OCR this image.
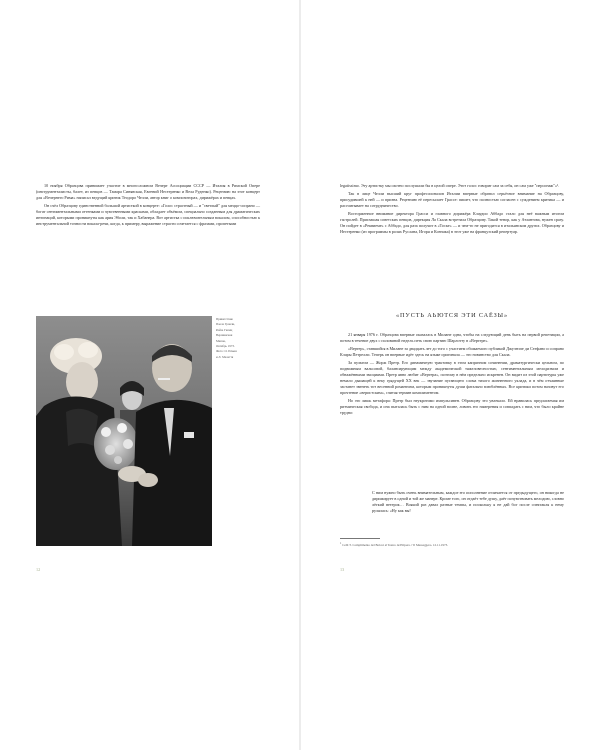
10 ноября Образцова принимает участие в многосложном Вечере Ассоциации СССР — Италия в Римской Опере (инструменталисты, балет, из певцов — Тамара Синявская, Евгений Нестеренко и Вела Руденко). Рецензию на этот концерт для «Вечернего Рима» написал ведущий критик Теодоро Челли, автор книг о композиторах, дирижёрах и певцах.

Он счёл Образцову единственной большой артисткой в концерте: «Голос страстный — и "светлый" для меццо-сопрано — богат сентиментальными оттенками и чувственными красками, обладает объёмом, специально созданным для драматических интонаций, которыми проникнуты как ария Эболи, так и Хабанера. Вот артистка с исключительным вокалом, способностью к инструментальной точности вокала-речи, когда, к примеру, выражение страсти сочетается с фразами, пропетыми

Приветствие
Паола Гранчи,
Рейза Гилиц
Вершинская
Милан,
Октябрь 1973.
Фото: О. Ильин
и Л. Малеття
12

legatissimo. Эту артистку мы охотно послушали бы в целой опере. Этот голос говорит сам за себя, он сам уже "персонаж"»¹.

Так в лице Челли высший круг профессионалов Италии впервые обратил серьёзное внимание на Образцову, присудившей к ней — и призна. Рецензию её пересылает Грассе: пишет, что полностью согласен с суждением критика — и рассчитывает на сотрудничество.

Восторженное внимание директора Грасси и главного дирижёра Клаудио Аббадо стало для неё важным итогом гастролей. Приглашая советских певцов, дирекция Ла Скала встретила Образцову. Такой тенор, как у Атлантова, нужен сразу. Он пойдет в «Реквиеме» с Аббадо, для раза получит в «Тоске» — и чем-то не пригодится в итальянском других. Образцову и Нестеренко (из программы в ролях Руслана, Игоря и Кончака) в этот уже на французский репертуар.

«ПУСТЬ АЬЮТСЯ ЭТИ САЁЗЫ»

21 января 1976 г. Образцова впервые оказалась в Милане одна, чтобы на следующий день быть на первой репетиции, а потом в течение двух с половиной недель петь свою партию Шарлотту в «Вертере».

«Вертер», ставшийся в Милане за двадцать лет до того с участием обожаемого публикой Джузеппе ди Стефано и сопрано Клары Петрелли. Теперь он впервые идёт здесь на языке оригинала — это новинство для Скала.

За пультом — Жорж Претр. Его динамичную трактовку в этом капризном сочинении, драматургически цельном, по подвижным вальсовой, балансирующим между академической тяжеловесностью, сентиментальным мелодизмом и обнажёнными эмоциями. Претр явно любит «Вертера», поэтому в нём предельно искренен. Он видит из этой партитуры уже немало дышащей к веку грядущей XX век — звучание пугающего слома тихого жизненного уклада, и в чём отчаянные застанет звенеть тот весенний романтизм, которым проникнуты души фатально влюблённых. Все критики потом назовут его прочтение «веристским», считая термин комплиментом.

Но это лишь метафора: Претр был неукротимо импульсивен. Образцову это увлекало. Ей нравилась предлагаемая им ритмическая свобода, и она пыталась быть с ним на одной волне, ловить его намерения и совпадать с ним, что было крайне трудно:

С ним нужно быть очень внимательным, каждое его исполнение отличается от предыдущего, он никогда не дирижирует в одной и той же манере. Кроме того, он отдаёт тебе душу, даёт почувствовать мелодию, словно лёгкий ветерок… Всякий раз давал разные темпы, и поскольку я не дай бог после спектакля к нему рулялась: «Ну как вы!
$^1$ Celli T. Complimento del Bolcoi al Teatro dell'Opera // Il Messaggero. 12.11.1973.
13
